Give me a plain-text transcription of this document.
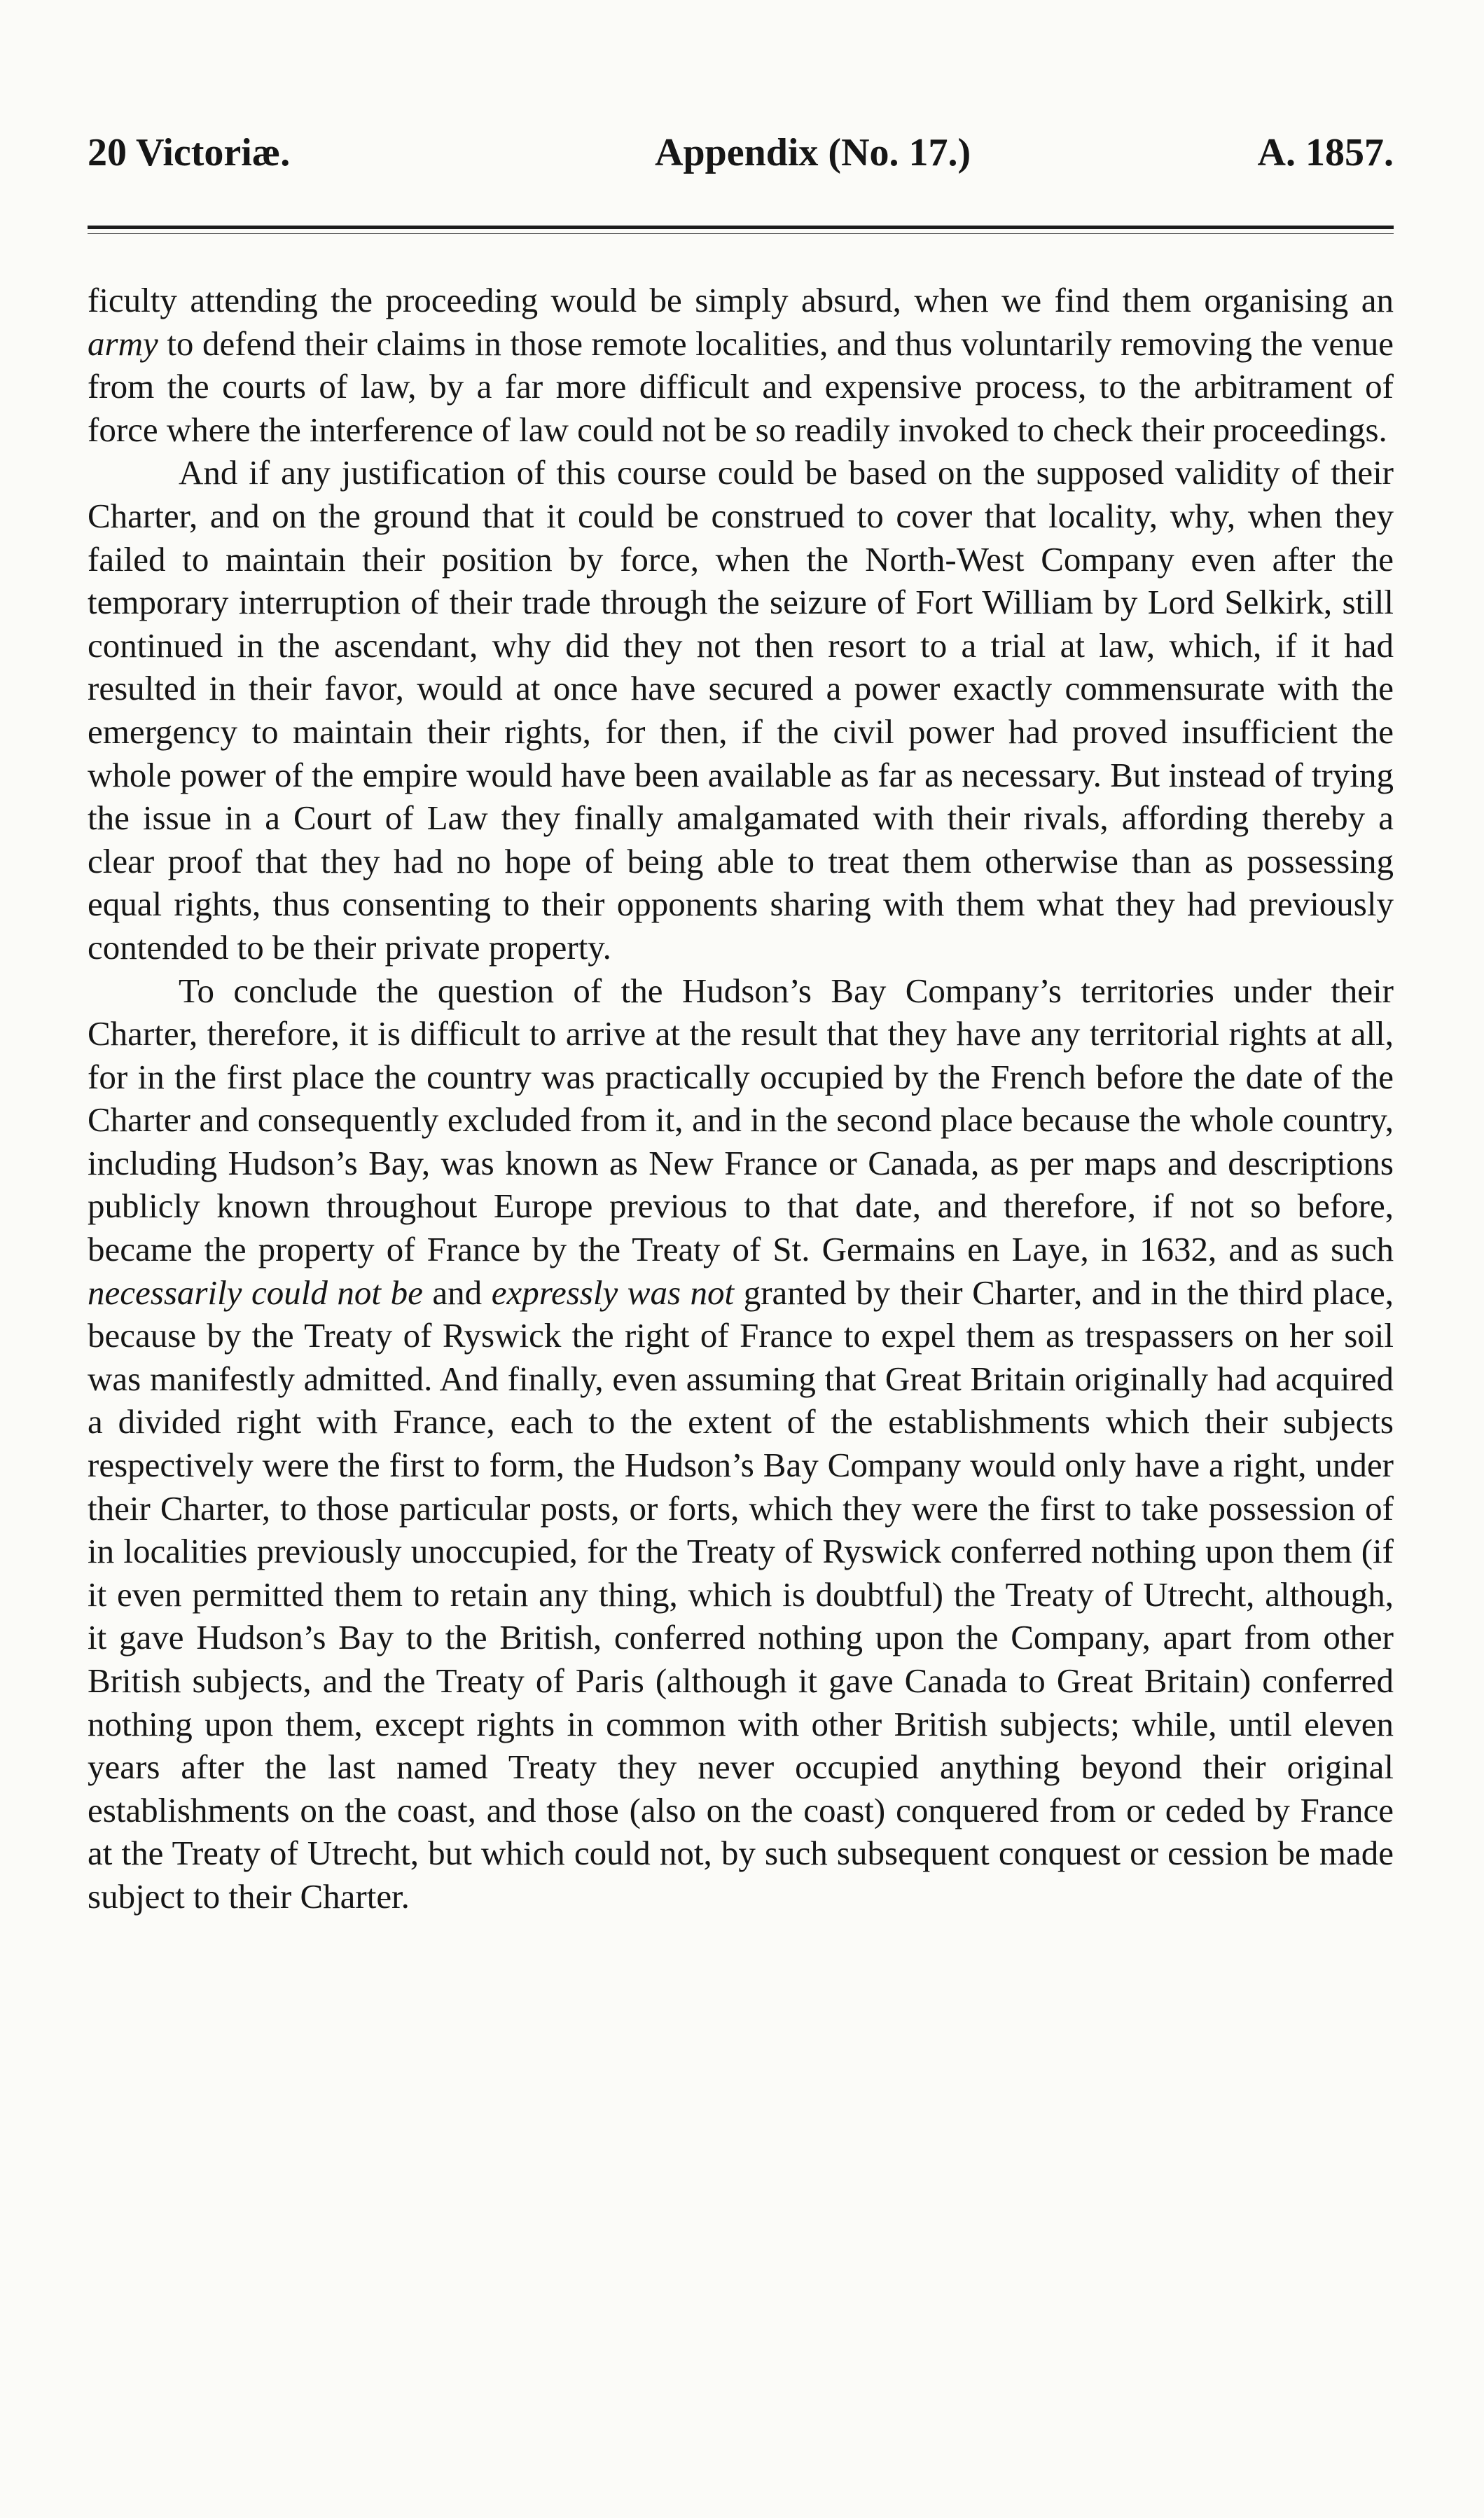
20 Victoriæ.	Appendix (No. 17.)	A. 1857.

ficulty attending the proceeding would be simply absurd, when we find them organising an army to defend their claims in those remote localities, and thus voluntarily removing the venue from the courts of law, by a far more difficult and expensive process, to the arbitrament of force where the interference of law could not be so readily invoked to check their proceedings.

And if any justification of this course could be based on the supposed validity of their Charter, and on the ground that it could be construed to cover that locality, why, when they failed to maintain their position by force, when the North-West Company even after the temporary interruption of their trade through the seizure of Fort William by Lord Selkirk, still continued in the ascendant, why did they not then resort to a trial at law, which, if it had resulted in their favor, would at once have secured a power exactly commensurate with the emergency to maintain their rights, for then, if the civil power had proved insufficient the whole power of the empire would have been available as far as necessary. But instead of trying the issue in a Court of Law they finally amalgamated with their rivals, affording thereby a clear proof that they had no hope of being able to treat them otherwise than as possessing equal rights, thus consenting to their opponents sharing with them what they had previously contended to be their private property.

To conclude the question of the Hudson’s Bay Company’s territories under their Charter, therefore, it is difficult to arrive at the result that they have any territorial rights at all, for in the first place the country was practically occupied by the French before the date of the Charter and consequently excluded from it, and in the second place because the whole country, including Hudson’s Bay, was known as New France or Canada, as per maps and descriptions publicly known throughout Europe previous to that date, and therefore, if not so before, became the property of France by the Treaty of St. Germains en Laye, in 1632, and as such necessarily could not be and expressly was not granted by their Charter, and in the third place, because by the Treaty of Ryswick the right of France to expel them as trespassers on her soil was manifestly admitted. And finally, even assuming that Great Britain originally had acquired a divided right with France, each to the extent of the establishments which their subjects respectively were the first to form, the Hudson’s Bay Company would only have a right, under their Charter, to those particular posts, or forts, which they were the first to take possession of in localities previously unoccupied, for the Treaty of Ryswick conferred nothing upon them (if it even permitted them to retain any thing, which is doubtful) the Treaty of Utrecht, although, it gave Hudson’s Bay to the British, conferred nothing upon the Company, apart from other British subjects, and the Treaty of Paris (although it gave Canada to Great Britain) conferred nothing upon them, except rights in common with other British subjects; while, until eleven years after the last named Treaty they never occupied anything beyond their original establishments on the coast, and those (also on the coast) conquered from or ceded by France at the Treaty of Utrecht, but which could not, by such subsequent conquest or cession be made subject to their Charter.
